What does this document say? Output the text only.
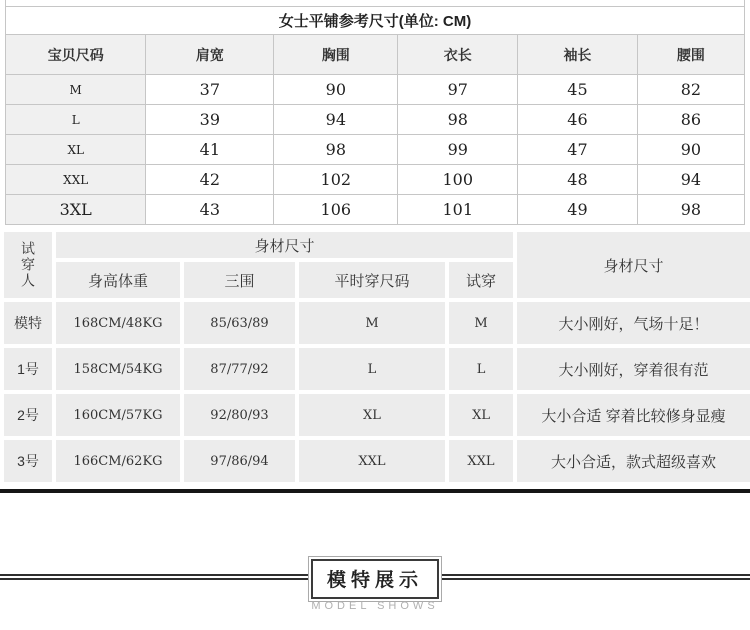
女士平铺参考尺寸(单位: CM)					
宝贝尺码	肩宽	胸围	衣长	袖长	腰围
M	37	90	97	45	82
L	39	94	98	46	86
XL	41	98	99	47	90
XXL	42	102	100	48	94
3XL	43	106	101	49	98
试穿人	身材尺寸				身材尺寸
	身高体重	三围	平时穿尺码	试穿	
模特	168CM/48KG	85/63/89	M	M	大小刚好，气场十足！
1号	158CM/54KG	87/77/92	L	L	大小刚好，穿着很有范
2号	160CM/57KG	92/80/93	XL	XL	大小合适 穿着比较修身显瘦
3号	166CM/62KG	97/86/94	XXL	XXL	大小合适，款式超级喜欢
模特展示
MODEL SHOWS
